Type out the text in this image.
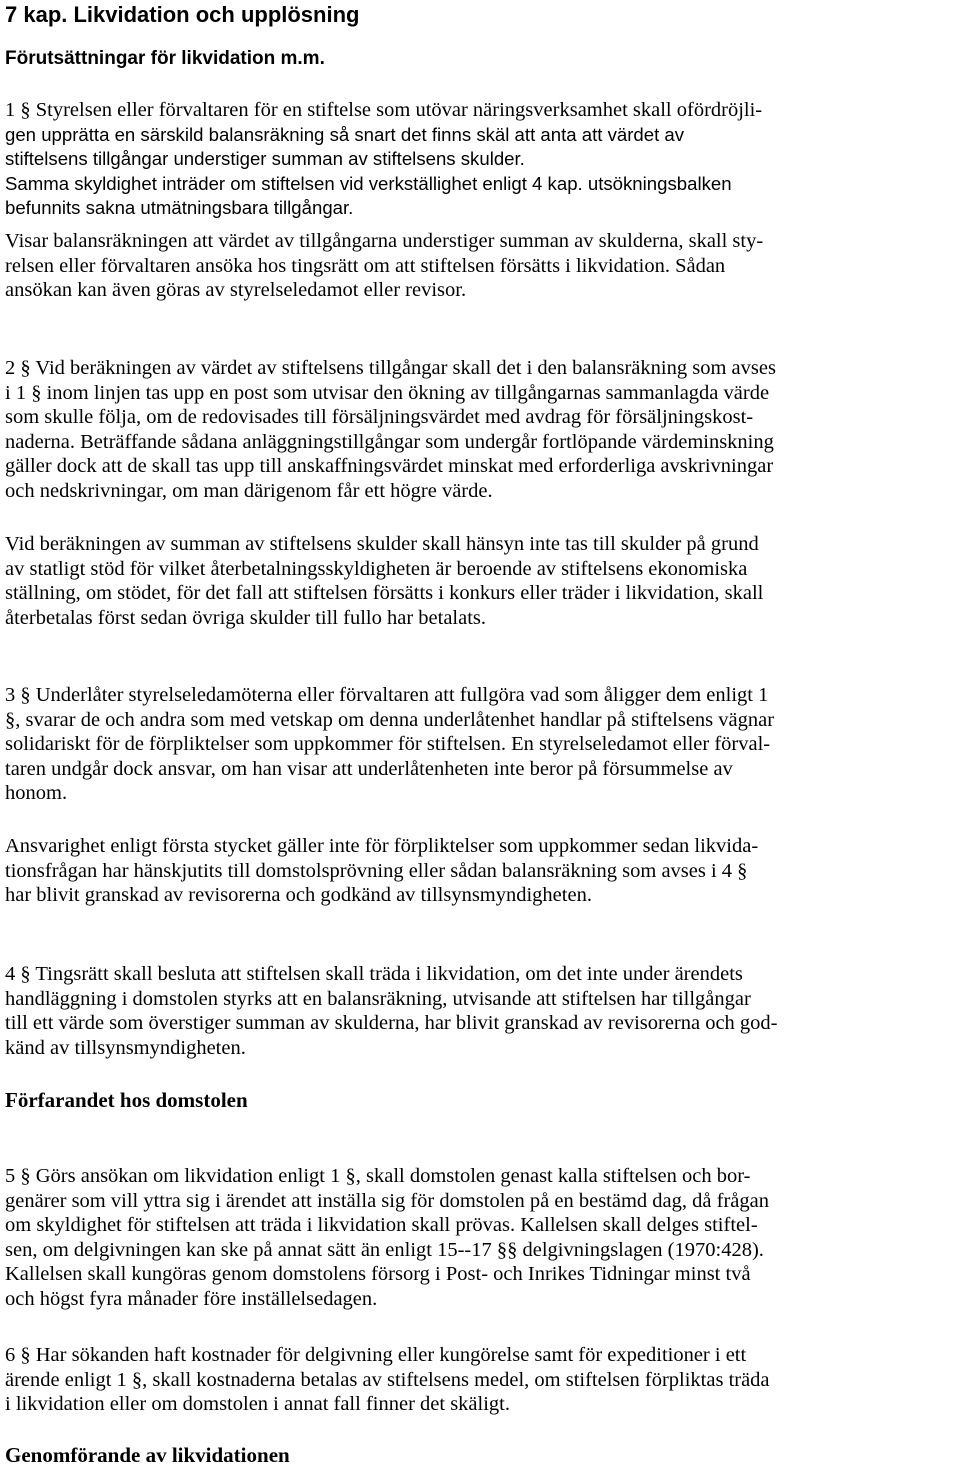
7 kap. Likvidation och upplösning
Förutsättningar för likvidation m.m.
1 § Styrelsen eller förvaltaren för en stiftelse som utövar näringsverksamhet skall ofördröjli-
gen upprätta en särskild balansräkning så snart det finns skäl att anta att värdet av
stiftelsens tillgångar understiger summan av stiftelsens skulder.
Samma skyldighet inträder om stiftelsen vid verkställighet enligt 4 kap. utsökningsbalken
befunnits sakna utmätningsbara tillgångar.
Visar balansräkningen att värdet av tillgångarna understiger summan av skulderna, skall sty-
relsen eller förvaltaren ansöka hos tingsrätt om att stiftelsen försätts i likvidation. Sådan
ansökan kan även göras av styrelseledamot eller revisor.
2 § Vid beräkningen av värdet av stiftelsens tillgångar skall det i den balansräkning som avses
i 1 § inom linjen tas upp en post som utvisar den ökning av tillgångarnas sammanlagda värde
som skulle följa, om de redovisades till försäljningsvärdet med avdrag för försäljningskost-
naderna. Beträffande sådana anläggningstillgångar som undergår fortlöpande värdeminskning
gäller dock att de skall tas upp till anskaffningsvärdet minskat med erforderliga avskrivningar
och nedskrivningar, om man därigenom får ett högre värde.
Vid beräkningen av summan av stiftelsens skulder skall hänsyn inte tas till skulder på grund
av statligt stöd för vilket återbetalningsskyldigheten är beroende av stiftelsens ekonomiska
ställning, om stödet, för det fall att stiftelsen försätts i konkurs eller träder i likvidation, skall
återbetalas först sedan övriga skulder till fullo har betalats.
3 § Underlåter styrelseledamöterna eller förvaltaren att fullgöra vad som åligger dem enligt 1
§, svarar de och andra som med vetskap om denna underlåtenhet handlar på stiftelsens vägnar
solidariskt för de förpliktelser som uppkommer för stiftelsen. En styrelseledamot eller förval-
taren undgår dock ansvar, om han visar att underlåtenheten inte beror på försummelse av
honom.
Ansvarighet enligt första stycket gäller inte för förpliktelser som uppkommer sedan likvida-
tionsfrågan har hänskjutits till domstolsprövning eller sådan balansräkning som avses i 4 §
har blivit granskad av revisorerna och godkänd av tillsynsmyndigheten.
4 § Tingsrätt skall besluta att stiftelsen skall träda i likvidation, om det inte under ärendets
handläggning i domstolen styrks att en balansräkning, utvisande att stiftelsen har tillgångar
till ett värde som överstiger summan av skulderna, har blivit granskad av revisorerna och god-
känd av tillsynsmyndigheten.
Förfarandet hos domstolen
5 § Görs ansökan om likvidation enligt 1 §, skall domstolen genast kalla stiftelsen och bor-
genärer som vill yttra sig i ärendet att inställa sig för domstolen på en bestämd dag, då frågan
om skyldighet för stiftelsen att träda i likvidation skall prövas. Kallelsen skall delges stiftel-
sen, om delgivningen kan ske på annat sätt än enligt 15--17 §§ delgivningslagen (1970:428).
Kallelsen skall kungöras genom domstolens försorg i Post- och Inrikes Tidningar minst två
och högst fyra månader före inställelsedagen.
6 § Har sökanden haft kostnader för delgivning eller kungörelse samt för expeditioner i ett
ärende enligt 1 §, skall kostnaderna betalas av stiftelsens medel, om stiftelsen förpliktas träda
i likvidation eller om domstolen i annat fall finner det skäligt.
Genomförande av likvidationen
